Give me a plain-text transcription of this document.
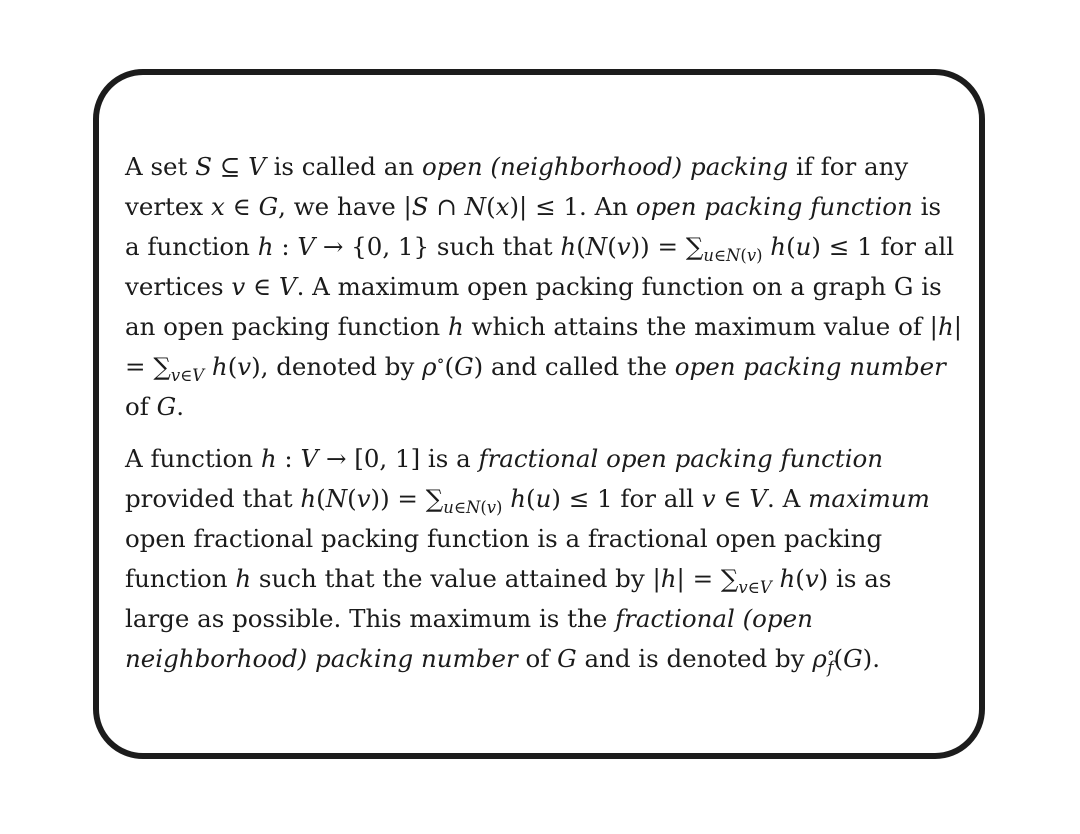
A set S ⊆ V is called an open (neighborhood) packing if for any vertex x ∈ G, we have |S ∩ N(x)| ≤ 1. An open packing function is a function h : V → {0, 1} such that $h(N(v)) = \sum_{u\in N(v)}$ h(u) ≤ 1 for all vertices v ∈ V. A maximum open packing function on a graph G is an open packing function h which attains the maximum value of $|h| = \sum_{v\in V}$ h(v), denoted by ρ∘(G) and called the open packing number of G.

A function h : V → [0, 1] is a fractional open packing function provided that $h(N(v)) = \sum_{u\in N(v)}$ h(u) ≤ 1 for all v ∈ V. A maximum open fractional packing function is a fractional open packing function h such that the value attained by $|h| = \sum_{v\in V}$ h(v) is as large as possible. This maximum is the fractional (open neighborhood) packing number of G and is denoted by $\rho^\circ_f(G)$.
